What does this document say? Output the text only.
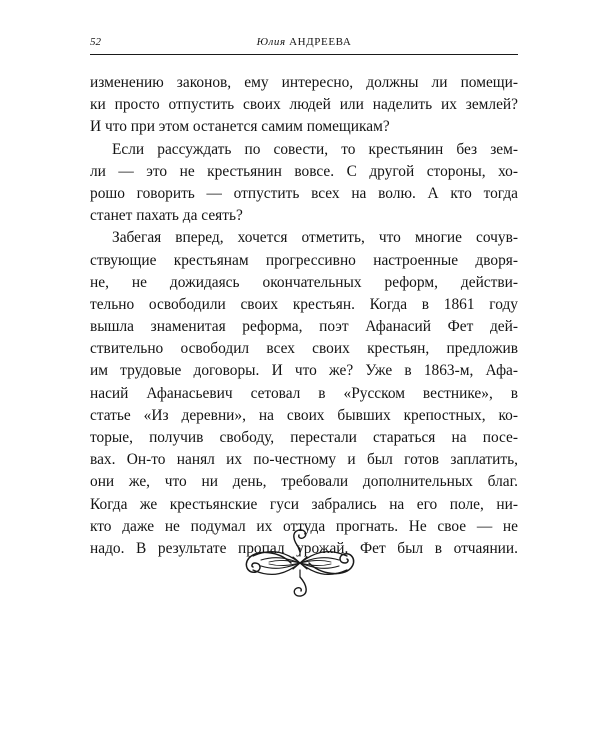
52	Юлия АНДРЕЕВА
изменению законов, ему интересно, должны ли помещи-
ки просто отпустить своих людей или наделить их землей?
И что при этом останется самим помещикам?
Если рассуждать по совести, то крестьянин без зем-
ли — это не крестьянин вовсе. С другой стороны, хо-
рошо говорить — отпустить всех на волю. А кто тогда
станет пахать да сеять?
Забегая вперед, хочется отметить, что многие сочув-
ствующие крестьянам прогрессивно настроенные дворя-
не, не дожидаясь окончательных реформ, действи-
тельно освободили своих крестьян. Когда в 1861 году
вышла знаменитая реформа, поэт Афанасий Фет дей-
ствительно освободил всех своих крестьян, предложив
им трудовые договоры. И что же? Уже в 1863-м, Афа-
насий Афанасьевич сетовал в «Русском вестнике», в
статье «Из деревни», на своих бывших крепостных, ко-
торые, получив свободу, перестали стараться на посе-
вах. Он-то нанял их по-честному и был готов заплатить,
они же, что ни день, требовали дополнительных благ.
Когда же крестьянские гуси забрались на его поле, ни-
кто даже не подумал их оттуда прогнать. Не свое — не
надо. В результате пропал урожай. Фет был в отчаянии.
